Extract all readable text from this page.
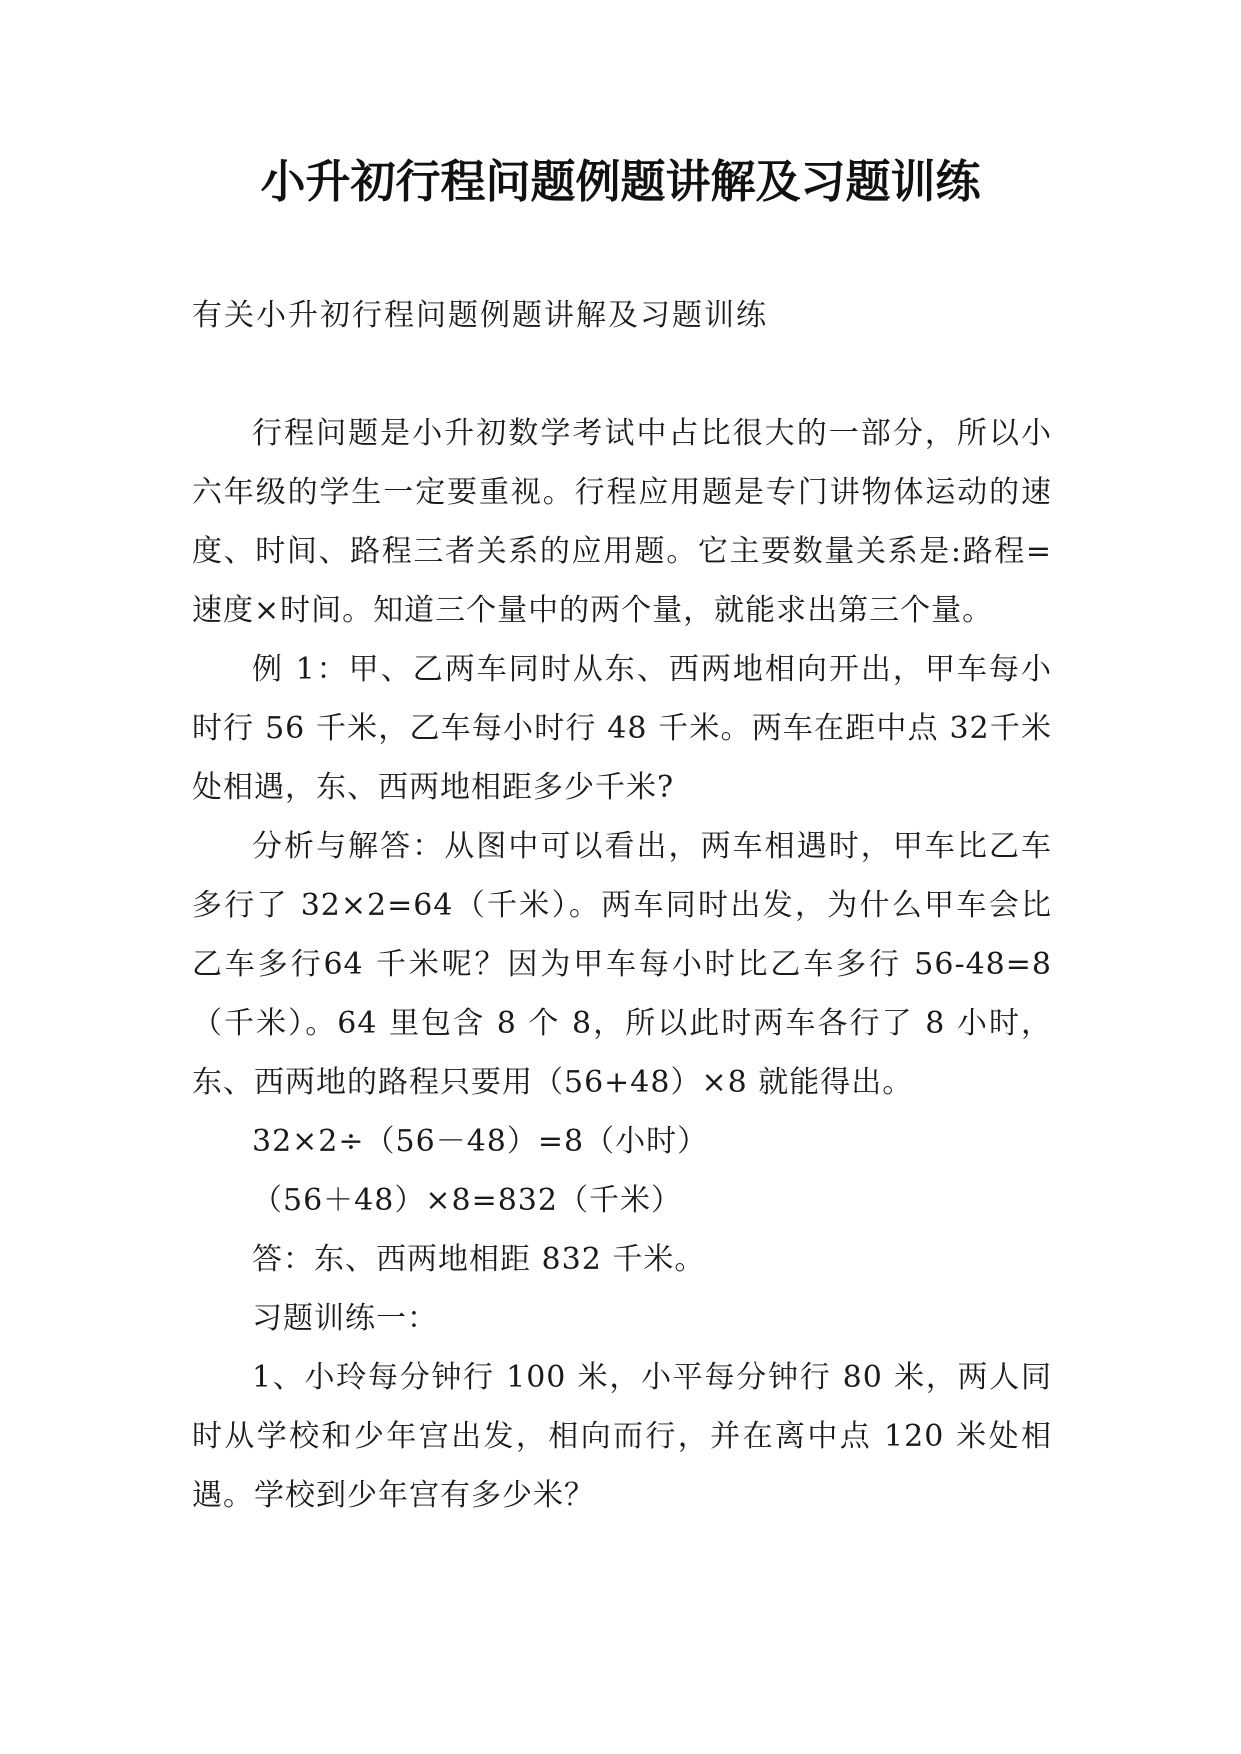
小升初行程问题例题讲解及习题训练

有关小升初行程问题例题讲解及习题训练

行程问题是小升初数学考试中占比很大的一部分，所以小六年级的学生一定要重视。行程应用题是专门讲物体运动的速度、时间、路程三者关系的应用题。它主要数量关系是:路程=速度×时间。知道三个量中的两个量，就能求出第三个量。

例 1：甲、乙两车同时从东、西两地相向开出，甲车每小时行 56 千米，乙车每小时行 48 千米。两车在距中点 32千米处相遇，东、西两地相距多少千米?

分析与解答：从图中可以看出，两车相遇时，甲车比乙车多行了 32×2=64（千米）。两车同时出发，为什么甲车会比乙车多行64 千米呢？因为甲车每小时比乙车多行 56-48=8（千米）。64 里包含 8 个 8，所以此时两车各行了 8 小时，东、西两地的路程只要用（56+48）×8 就能得出。

32×2÷（56－48）=8（小时）

（56＋48）×8=832（千米）

答：东、西两地相距 832 千米。

习题训练一：

1、小玲每分钟行 100 米，小平每分钟行 80 米，两人同时从学校和少年宫出发，相向而行，并在离中点 120 米处相遇。学校到少年宫有多少米？
